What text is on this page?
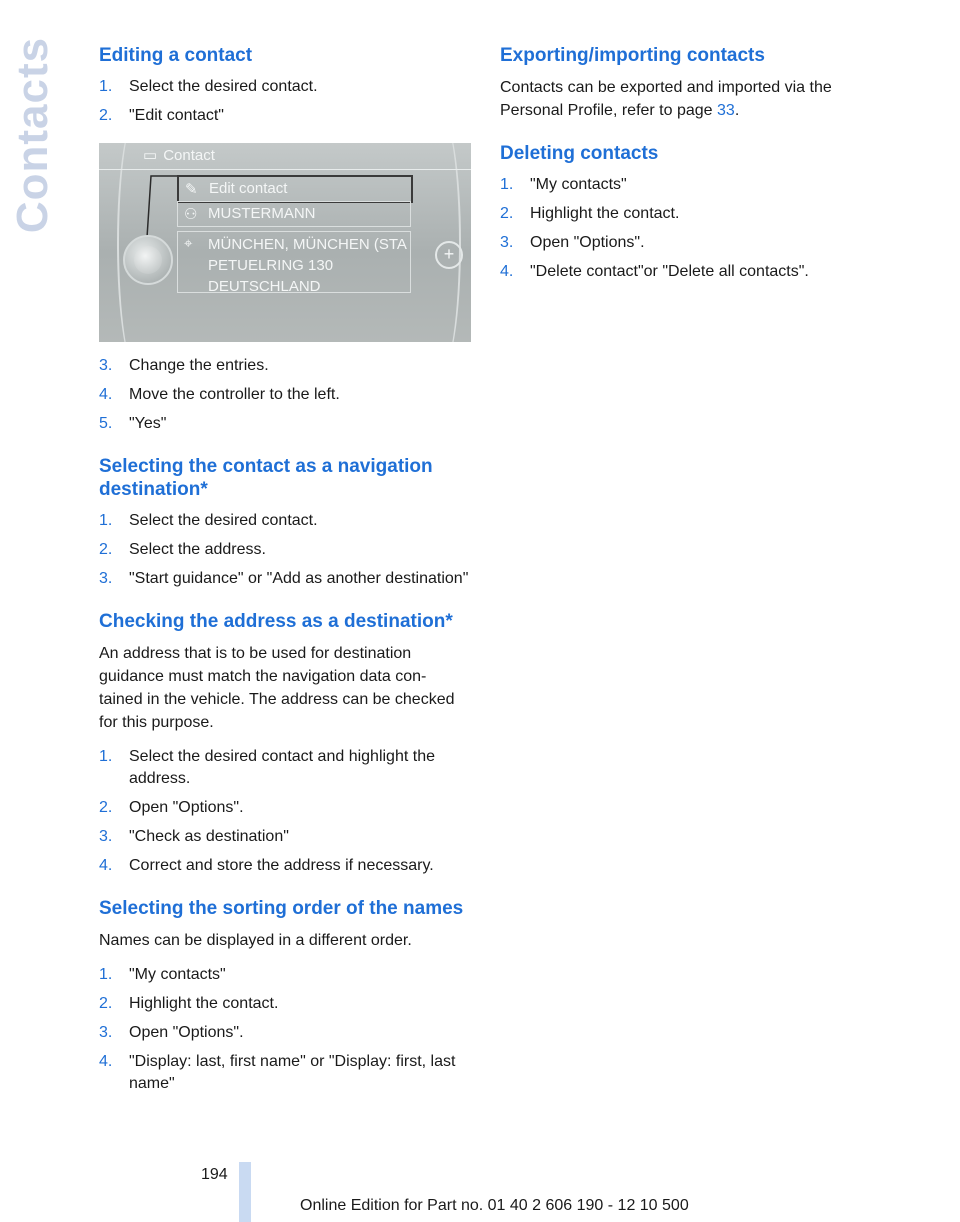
Contacts Editing a contact
1. Select the desired contact.
2. "Edit contact"
▭ Contact
✎ Edit contact
⚇ MUSTERMANN
⌖ MÜNCHEN, MÜNCHEN (STA
PETUELRING 130
DEUTSCHLAND
+
3. Change the entries.
4. Move the controller to the left.
5. "Yes"
Selecting the contact as a navigation destination*
1. Select the desired contact.
2. Select the address.
3. "Start guidance" or "Add as another destination"
Checking the address as a destination*

An address that is to be used for destination guidance must match the navigation data con- tained in the vehicle. The address can be checked for this purpose.

1. Select the desired contact and highlight the address.
2. Open "Options".
3. "Check as destination"
4. Correct and store the address if necessary.
Selecting the sorting order of the names

Names can be displayed in a different order.

1. "My contacts"
2. Highlight the contact.
3. Open "Options".
4. "Display: last, first name" or "Display: first, last name"
Exporting/importing contacts

Contacts can be exported and imported via the Personal Profile, refer to page 33.

Deleting contacts
1. "My contacts"
2. Highlight the contact.
3. Open "Options".
4. "Delete contact"or "Delete all contacts".
194
Online Edition for Part no. 01 40 2 606 190 - 12 10 500
